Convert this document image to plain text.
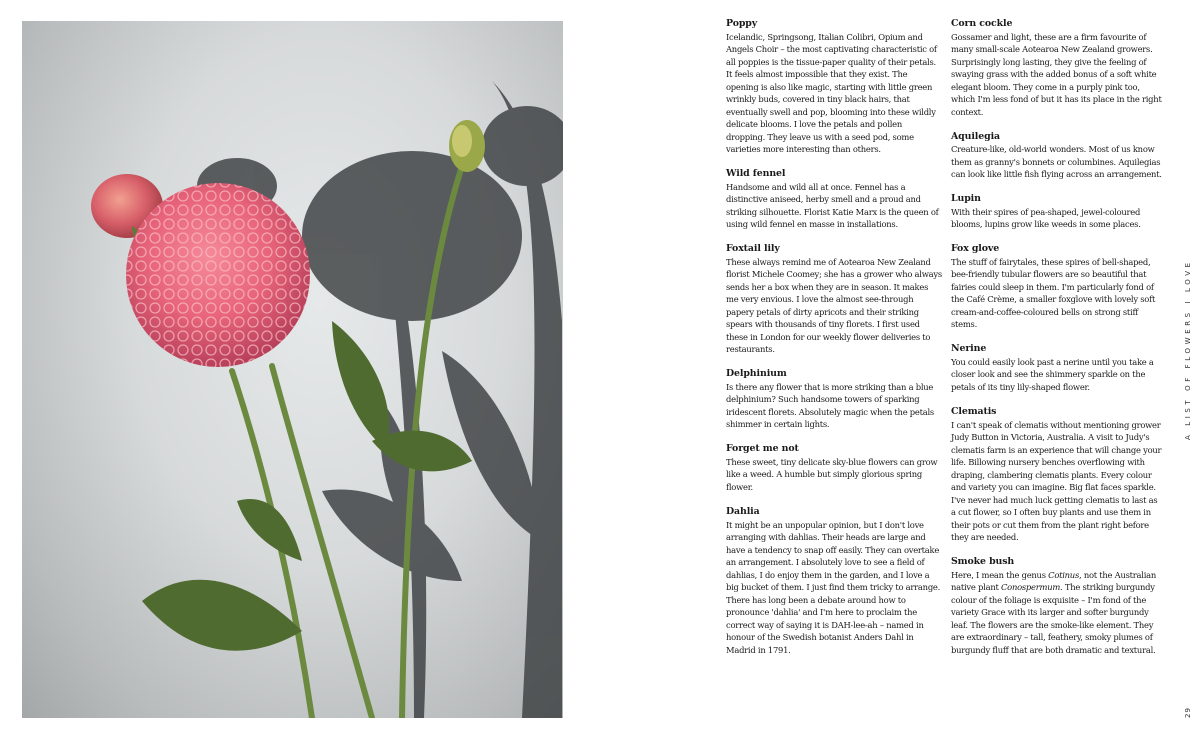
Poppy

Icelandic, Springsong, Italian Colibri, Opium and Angels Choir – the most captivating characteristic of all poppies is the tissue-paper quality of their petals. It feels almost impossible that they exist. The opening is also like magic, starting with little green wrinkly buds, covered in tiny black hairs, that eventually swell and pop, blooming into these wildly delicate blooms. I love the petals and pollen dropping. They leave us with a seed pod, some varieties more interesting than others.

Wild fennel

Handsome and wild all at once. Fennel has a distinctive aniseed, herby smell and a proud and striking silhouette. Florist Katie Marx is the queen of using wild fennel en masse in installations.

Foxtail lily

These always remind me of Aotearoa New Zealand florist Michele Coomey; she has a grower who always sends her a box when they are in season. It makes me very envious. I love the almost see-through papery petals of dirty apricots and their striking spears with thousands of tiny florets. I first used these in London for our weekly flower deliveries to restaurants.

Delphinium

Is there any flower that is more striking than a blue delphinium? Such handsome towers of sparking iridescent florets. Absolutely magic when the petals shimmer in certain lights.

Forget me not

These sweet, tiny delicate sky-blue flowers can grow like a weed. A humble but simply glorious spring flower.

Dahlia

It might be an unpopular opinion, but I don't love arranging with dahlias. Their heads are large and have a tendency to snap off easily. They can overtake an arrangement. I absolutely love to see a field of dahlias, I do enjoy them in the garden, and I love a big bucket of them. I just find them tricky to arrange. There has long been a debate around how to pronounce 'dahlia' and I'm here to proclaim the correct way of saying it is DAH-lee-ah – named in honour of the Swedish botanist Anders Dahl in Madrid in 1791.

Corn cockle

Gossamer and light, these are a firm favourite of many small-scale Aotearoa New Zealand growers. Surprisingly long lasting, they give the feeling of swaying grass with the added bonus of a soft white elegant bloom. They come in a purply pink too, which I'm less fond of but it has its place in the right context.

Aquilegia

Creature-like, old-world wonders. Most of us know them as granny's bonnets or columbines. Aquilegias can look like little fish flying across an arrangement.

Lupin

With their spires of pea-shaped, jewel-coloured blooms, lupins grow like weeds in some places.

Fox glove

The stuff of fairytales, these spires of bell-shaped, bee-friendly tubular flowers are so beautiful that fairies could sleep in them. I'm particularly fond of the Café Crème, a smaller foxglove with lovely soft cream-and-coffee-coloured bells on strong stiff stems.

Nerine

You could easily look past a nerine until you take a closer look and see the shimmery sparkle on the petals of its tiny lily-shaped flower.

Clematis

I can't speak of clematis without mentioning grower Judy Button in Victoria, Australia. A visit to Judy's clematis farm is an experience that will change your life. Billowing nursery benches overflowing with draping, clambering clematis plants. Every colour and variety you can imagine. Big flat faces sparkle. I've never had much luck getting clematis to last as a cut flower, so I often buy plants and use them in their pots or cut them from the plant right before they are needed.

Smoke bush

Here, I mean the genus Cotinus, not the Australian native plant Conospermum. The striking burgundy colour of the foliage is exquisite – I'm fond of the variety Grace with its larger and softer burgundy leaf. The flowers are the smoke-like element. They are extraordinary – tall, feathery, smoky plumes of burgundy fluff that are both dramatic and textural.

A LIST OF FLOWERS I LOVE
29
